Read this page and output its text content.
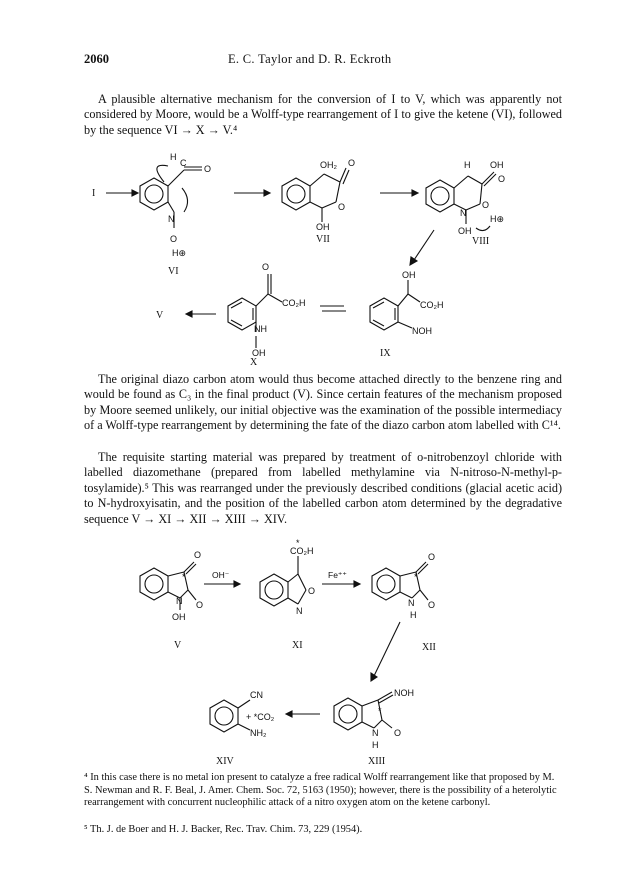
2060	E. C. Taylor and D. R. Eckroth

A plausible alternative mechanism for the conversion of I to V, which was apparently not considered by Moore, would be a Wolff-type rearrangement of I to give the ketene (VI), followed by the sequence VI → X → V.⁴

I
H
C
O
N
O
H⊕
VI
OH₂ O
O
OH
VII
H OH
O
N
O
OH
H⊕
VIII
O
CO₂H
NH
OH
V
X
OH
CO₂H
NOH
IX

The original diazo carbon atom would thus become attached directly to the benzene ring and would be found as C₃ in the final product (V). Since certain features of the mechanism proposed by Moore seemed unlikely, our initial objective was the examination of the possible intermediacy of a Wolff-type rearrangement by determining the fate of the diazo carbon atom labelled with C¹⁴.

The requisite starting material was prepared by treatment of o-nitrobenzoyl chloride with labelled diazomethane (prepared from labelled methylamine via N-nitroso-N-methyl-p-tosylamide).⁵ This was rearranged under the previously described conditions (glacial acetic acid) to N-hydroxyisatin, and the position of the labelled carbon atom determined by the degradative sequence V → XI → XII → XIII → XIV.

O
*
N O
OH
V
OH⁻
*
CO₂H
O
N
XI
Fe⁺⁺
O
*
N O
H
XII
NOH
*
N O
H
XIII
CN
+ *CO₂
NH₂
XIV

⁴ In this case there is no metal ion present to catalyze a free radical Wolff rearrangement like that proposed by M. S. Newman and R. F. Beal, J. Amer. Chem. Soc. 72, 5163 (1950); however, there is the possibility of a heterolytic rearrangement with concurrent nucleophilic attack of a nitro oxygen atom on the ketene carbonyl.

⁵ Th. J. de Boer and H. J. Backer, Rec. Trav. Chim. 73, 229 (1954).
